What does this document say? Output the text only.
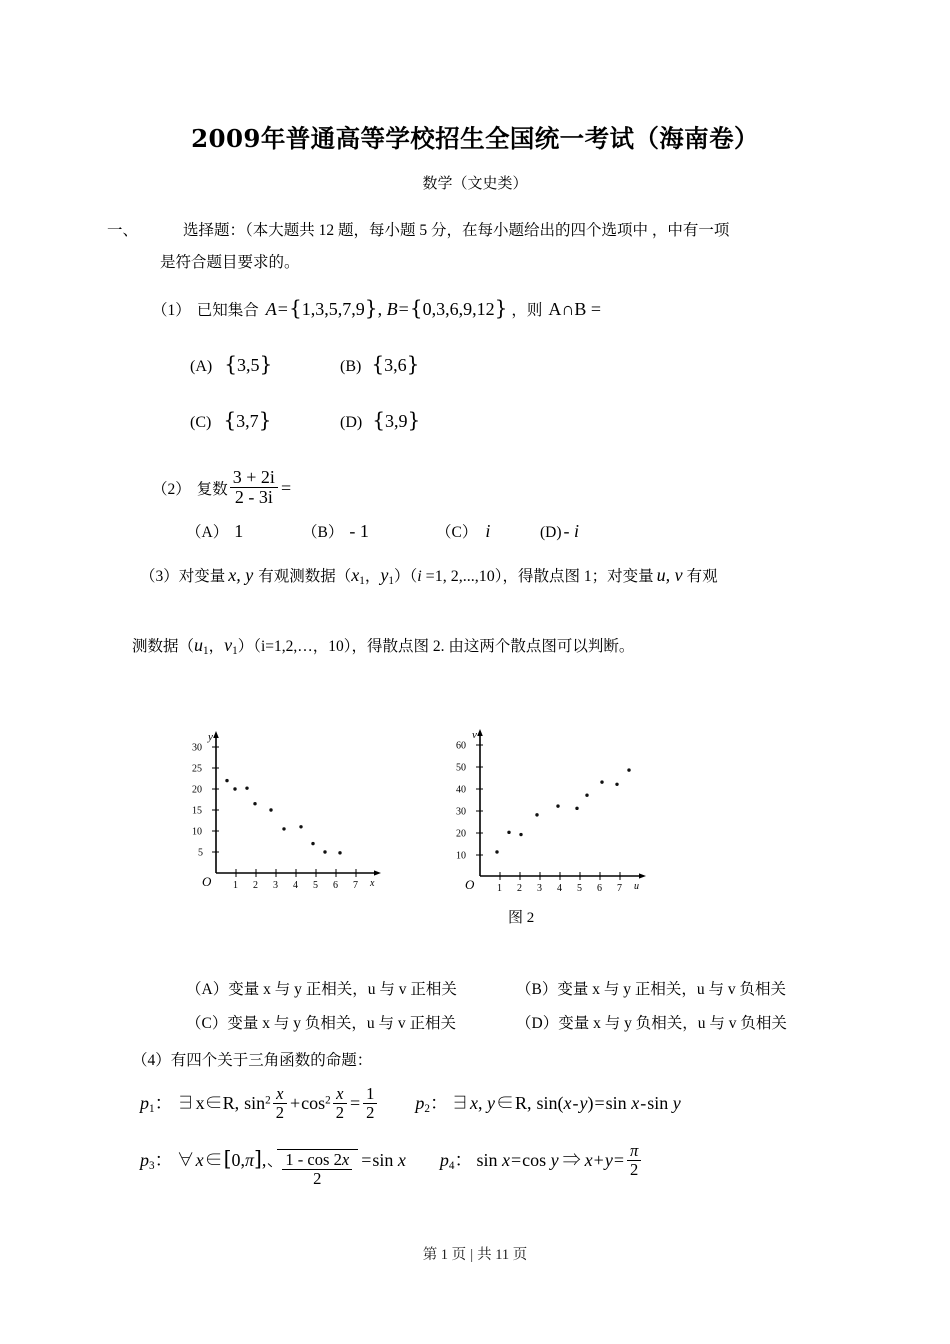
2009年普通高等学校招生全国统一考试（海南卷）
数学（文史类）
一、	选择题：（本大题共 12 题，每小题 5 分，在每小题给出的四个选项中 ，中有一项
是符合题目要求的。
（1） 已知集合 A={1,3,5,7,9}, B={0,3,6,9,12} ，则 A∩B =
(A) {3,5}	(B) {3,6}
(C) {3,7}	(D) {3,9}
（2） 复数 $\frac{3 + 2i}{2 - 3i}$ =
（A） 1	（B） - 1	（C） i	(D) - i
（3）对变量 x, y 有观测数据（$x_1$，$y_1)(i =1$, 2,...,10），得散点图 1；对变量 u, v 有观
测数据（$u_1$，$v_1)(i=1,2,\dots$，10），得散点图 2. 由这两个散点图可以判断。
y
O	x
5
10
15
20
25
30
1 2 3 4 5 6 7
v
O	u
10
20
30
40
50
60
1 2 3 4 5 6 7
图 2
（A）变量 x 与 y 正相关，u 与 v 正相关	（B）变量 x 与 y 正相关，u 与 v 负相关
（C）变量 x 与 y 负相关，u 与 v 正相关	（D）变量 x 与 y 负相关，u 与 v 负相关
（4）有四个关于三角函数的命题：
$p_1$： ∃x∈R, $\sin^2 \frac{x}{2} +\cos^2 \frac{x}{2} = \frac{1}{2} p_2$： ∃x, y∈R, sin(x-y)=sin x-sin y
$p_3$： ∀x∈[0,π], $\frac{1 - \cos 2x}{2} =\sin$ x $p_4$： sin x=cos y ⇒ $x+y= \frac{\pi}{2}$
第 1 页 | 共 11 页
